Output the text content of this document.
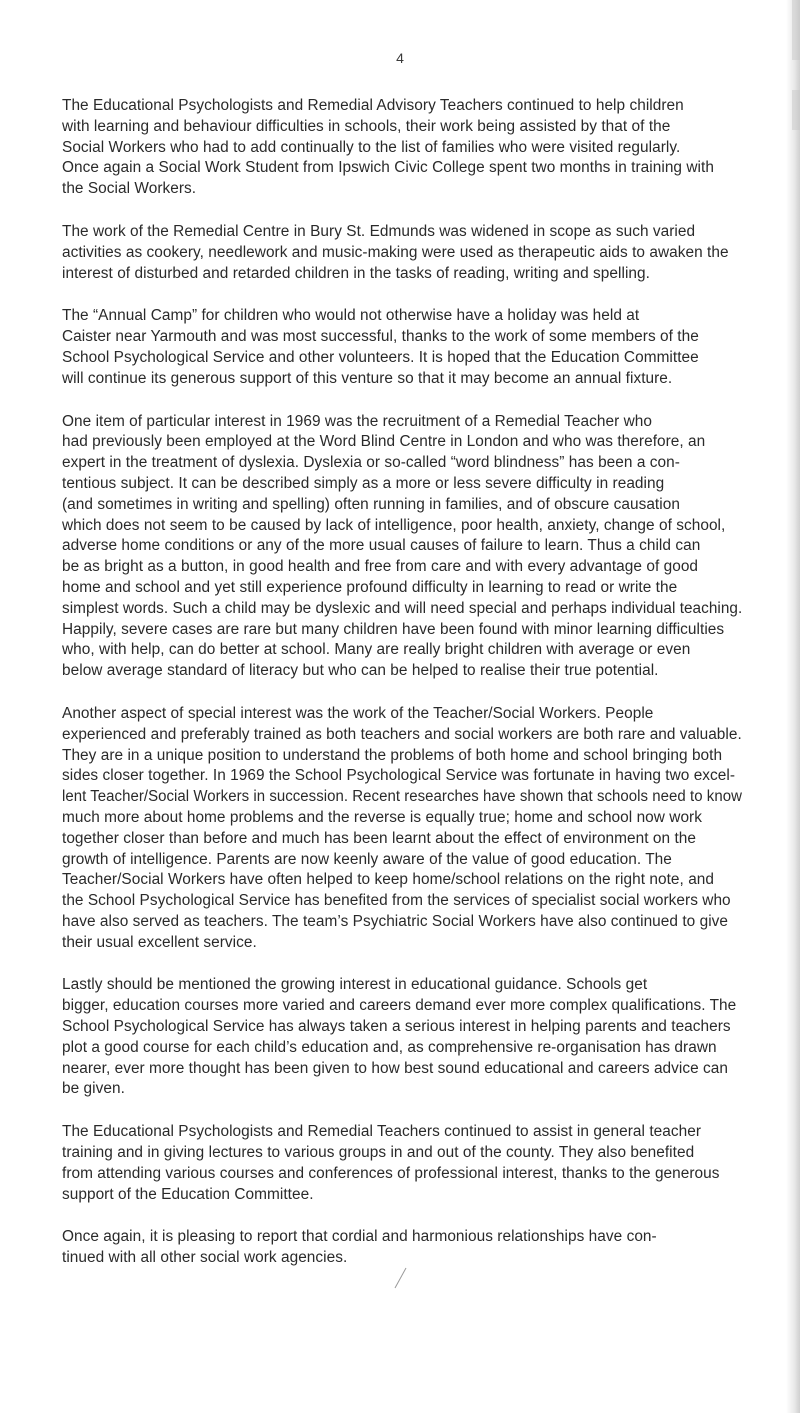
4

The Educational Psychologists and Remedial Advisory Teachers continued to help children
with learning and behaviour difficulties in schools, their work being assisted by that of the
Social Workers who had to add continually to the list of families who were visited regularly.
Once again a Social Work Student from Ipswich Civic College spent two months in training with
the Social Workers.

The work of the Remedial Centre in Bury St. Edmunds was widened in scope as such varied
activities as cookery, needlework and music-making were used as therapeutic aids to awaken the
interest of disturbed and retarded children in the tasks of reading, writing and spelling.

The “Annual Camp” for children who would not otherwise have a holiday was held at
Caister near Yarmouth and was most successful, thanks to the work of some members of the
School Psychological Service and other volunteers. It is hoped that the Education Committee
will continue its generous support of this venture so that it may become an annual fixture.

One item of particular interest in 1969 was the recruitment of a Remedial Teacher who
had previously been employed at the Word Blind Centre in London and who was therefore, an
expert in the treatment of dyslexia. Dyslexia or so-called “word blindness” has been a con-
tentious subject. It can be described simply as a more or less severe difficulty in reading
(and sometimes in writing and spelling) often running in families, and of obscure causation
which does not seem to be caused by lack of intelligence, poor health, anxiety, change of school,
adverse home conditions or any of the more usual causes of failure to learn. Thus a child can
be as bright as a button, in good health and free from care and with every advantage of good
home and school and yet still experience profound difficulty in learning to read or write the
simplest words. Such a child may be dyslexic and will need special and perhaps individual teaching.
Happily, severe cases are rare but many children have been found with minor learning difficulties
who, with help, can do better at school. Many are really bright children with average or even
below average standard of literacy but who can be helped to realise their true potential.

Another aspect of special interest was the work of the Teacher/Social Workers. People
experienced and preferably trained as both teachers and social workers are both rare and valuable.
They are in a unique position to understand the problems of both home and school bringing both
sides closer together. In 1969 the School Psychological Service was fortunate in having two excel-
lent Teacher/Social Workers in succession. Recent researches have shown that schools need to know
much more about home problems and the reverse is equally true; home and school now work
together closer than before and much has been learnt about the effect of environment on the
growth of intelligence. Parents are now keenly aware of the value of good education. The
Teacher/Social Workers have often helped to keep home/school relations on the right note, and
the School Psychological Service has benefited from the services of specialist social workers who
have also served as teachers. The team’s Psychiatric Social Workers have also continued to give
their usual excellent service.

Lastly should be mentioned the growing interest in educational guidance. Schools get
bigger, education courses more varied and careers demand ever more complex qualifications. The
School Psychological Service has always taken a serious interest in helping parents and teachers
plot a good course for each child’s education and, as comprehensive re-organisation has drawn
nearer, ever more thought has been given to how best sound educational and careers advice can
be given.

The Educational Psychologists and Remedial Teachers continued to assist in general teacher
training and in giving lectures to various groups in and out of the county. They also benefited
from attending various courses and conferences of professional interest, thanks to the generous
support of the Education Committee.

Once again, it is pleasing to report that cordial and harmonious relationships have con-
tinued with all other social work agencies.
